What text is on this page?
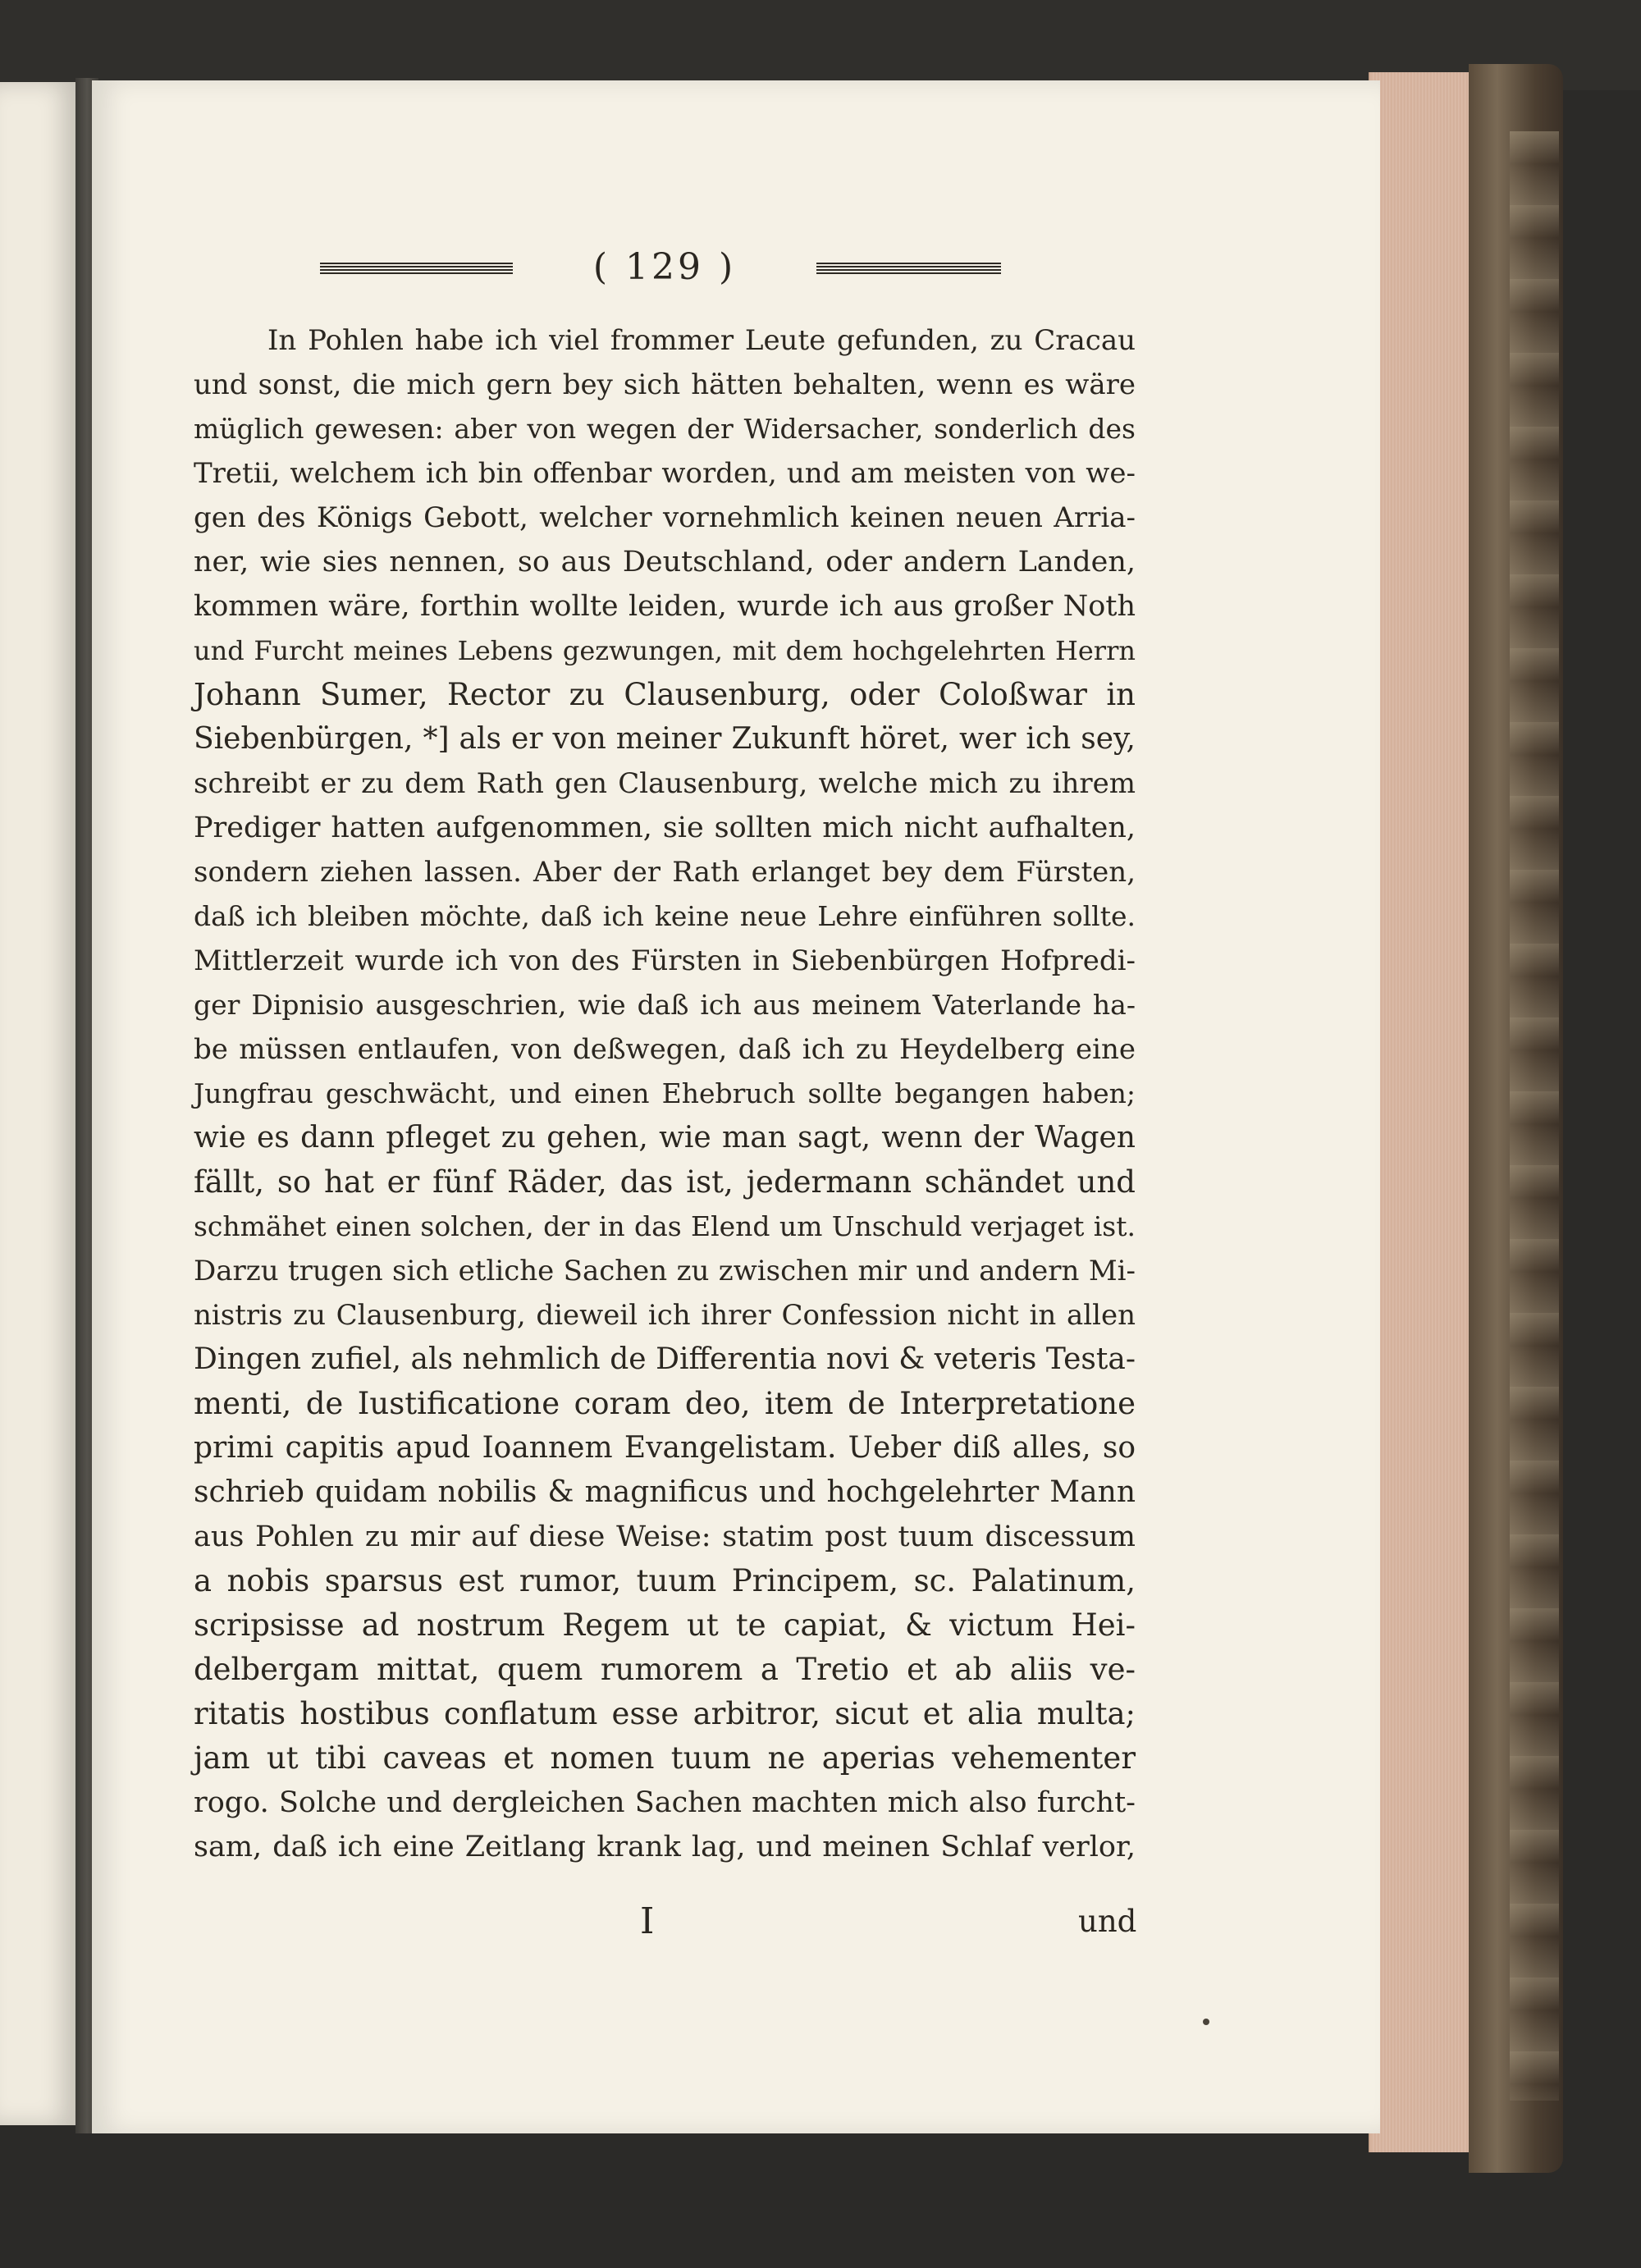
( 129 )
In Pohlen habe ich viel frommer Leute gefunden, zu Cracau
und sonst, die mich gern bey sich hätten behalten, wenn es wäre
müglich gewesen: aber von wegen der Widersacher, sonderlich des
Tretii, welchem ich bin offenbar worden, und am meisten von we-
gen des Königs Gebott, welcher vornehmlich keinen neuen Arria-
ner, wie sies nennen, so aus Deutschland, oder andern Landen,
kommen wäre, forthin wollte leiden, wurde ich aus großer Noth
und Furcht meines Lebens gezwungen, mit dem hochgelehrten Herrn
Johann Sumer, Rector zu Clausenburg, oder Coloßwar in
Siebenbürgen, *] als er von meiner Zukunft höret, wer ich sey,
schreibt er zu dem Rath gen Clausenburg, welche mich zu ihrem
Prediger hatten aufgenommen, sie sollten mich nicht aufhalten,
sondern ziehen lassen. Aber der Rath erlanget bey dem Fürsten,
daß ich bleiben möchte, daß ich keine neue Lehre einführen sollte.
Mittlerzeit wurde ich von des Fürsten in Siebenbürgen Hofpredi-
ger Dipnisio ausgeschrien, wie daß ich aus meinem Vaterlande ha-
be müssen entlaufen, von deßwegen, daß ich zu Heydelberg eine
Jungfrau geschwächt, und einen Ehebruch sollte begangen haben;
wie es dann pfleget zu gehen, wie man sagt, wenn der Wagen
fällt, so hat er fünf Räder, das ist, jedermann schändet und
schmähet einen solchen, der in das Elend um Unschuld verjaget ist.
Darzu trugen sich etliche Sachen zu zwischen mir und andern Mi-
nistris zu Clausenburg, dieweil ich ihrer Confession nicht in allen
Dingen zufiel, als nehmlich de Differentia novi & veteris Testa-
menti, de Iustificatione coram deo, item de Interpretatione
primi capitis apud Ioannem Evangelistam. Ueber diß alles, so
schrieb quidam nobilis & magnificus und hochgelehrter Mann
aus Pohlen zu mir auf diese Weise: statim post tuum discessum
a nobis sparsus est rumor, tuum Principem, sc. Palatinum,
scripsisse ad nostrum Regem ut te capiat, & victum Hei-
delbergam mittat, quem rumorem a Tretio et ab aliis ve-
ritatis hostibus conflatum esse arbitror, sicut et alia multa;
jam ut tibi caveas et nomen tuum ne aperias vehementer
rogo. Solche und dergleichen Sachen machten mich also furcht-
sam, daß ich eine Zeitlang krank lag, und meinen Schlaf verlor,
I	und
